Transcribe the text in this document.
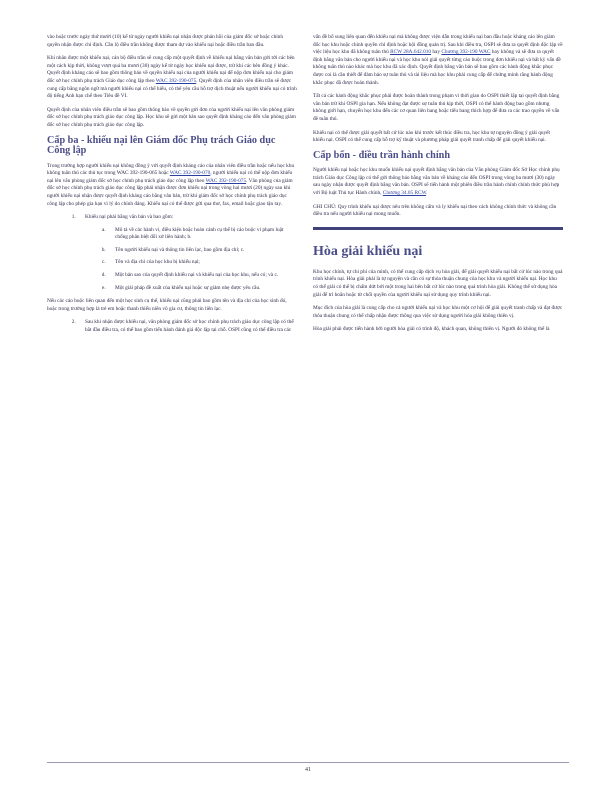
vào hoặc trước ngày thứ mười (10) kể từ ngày người khiếu nại nhận được phản hồi của giám đốc sở hoặc chính quyền nhận được chỉ định. Cần lộ điều trần không được tham dự vào khiếu nại hoặc điều trần ban đầu.

Khi nhân được một khiếu nại, cán bộ điều trần sẽ cung cấp một quyết định về khiếu nại bằng văn bản gửi tới các bên một cách kịp thời, không vượt quá ba mươi (30) ngày kể từ ngày học khiếu nại được, trừ khi các bên đồng ý khác. Quyết định kháng cáo sẽ bao gồm thông báo về quyền khiếu nại của người khiếu nại để nộp đơn khiếu nại cho giám đốc sở học chính phụ trách Giáo dục công lập theo WAC 392-190-075. Quyết định của nhân viên điều trần sẽ được cung cấp bằng ngôn ngữ mà người khiếu nại có thể hiểu, có thể yêu cầu hỗ trợ dịch thuật nếu người khiếu nại có trình độ tiếng Anh hạn chế theo Tiêu đề VI.

Quyết định của nhân viên điều trần sẽ bao gồm thông báo về quyền gửi đơn của người khiếu nại lên văn phòng giám đốc sở học chính phụ trách giáo dục công lập. Học khu sẽ gửi một bản sao quyết định kháng cáo đến văn phòng giám đốc sở học chính phụ trách giáo dục công lập.

Cấp ba - khiếu nại lên Giám đốc Phụ trách Giáo dục Công lập

Trong trường hợp người khiếu nại không đồng ý với quyết định kháng cáo của nhân viên điều trần hoặc nếu học khu không tuân thủ các thủ tục trong WAC 392-190-065 hoặc WAC 392-190-070, người khiếu nại có thể nộp đơn khiếu nại lên văn phòng giám đốc sở học chính phụ trách giáo dục công lập theo WAC 392-190-075. Văn phòng của giám đốc sở học chính phụ trách giáo dục công lập phải nhận được đơn khiếu nại trong vòng hai mươi (20) ngày sau khi người khiếu nại nhận được quyết định kháng cáo bằng văn bản, trừ khi giám đốc sở học chính phụ trách giáo dục công lập cho phép gia hạn vì lý do chính đáng. Khiếu nại có thể được gửi qua thư, fax, email hoặc giao tận tay.

1. Khiếu nại phải bằng văn bản và bao gồm:
a. Mô tả về các hành vi, điều kiện hoặc hoàn cảnh cụ thể bị cáo buộc vi phạm luật chống phân biệt đối xử liên hành; b.
b. Tên người khiếu nại và thông tin liên lạc, bao gồm địa chỉ; c.
c. Tên và địa chỉ của học khu bị khiếu nại;
d. Một bản sao của quyết định khiếu nại và khiếu nại của học khu, nếu có; và c.
e. Một giải pháp đề xuất của khiếu nại hoặc sự giảm nhẹ được yêu cầu.

Nếu các cáo buộc liên quan đến một học sinh cụ thể, khiếu nại cũng phải bao gồm tên và địa chỉ của học sinh đó, hoặc trong trường hợp là trẻ em hoặc thanh thiếu niên vô gia cư, thông tin liên lạc.

2. Sau khi nhận được khiếu nại, văn phòng giám đốc sở học chính phụ trách giáo dục công lập có thể bắt đầu điều tra, có thể bao gồm tiến hành đánh giá độc lập tại chỗ. OSPI cũng có thể điều tra các

vấn đề bổ sung liên quan đến khiếu nại mà không được viện dẫn trong khiếu nại ban đầu hoặc kháng cáo lên giám đốc học khu hoặc chính quyền chỉ định hoặc hội đồng quản trị. Sau khi điều tra, OSPI sẽ đưa ra quyết định độc lập về việc liệu học khu đã không tuân thủ RCW 28A.642.010 hay Chương 392-190 WAC hay không và sẽ đưa ra quyết định bằng văn bản cho người khiếu nại và học khu nói giải quyết từng cáo buộc trong đơn khiếu nại và bất kỳ vấn đề không tuân thủ nào khác mà học khu đã xác định. Quyết định bằng văn bản sẽ bao gồm các hành động khắc phục được coi là cần thiết để đảm bảo sự tuân thủ và tài liệu mà học khu phải cung cấp để chứng minh rằng hành động khắc phục đã được hoàn thành.

Tất cả các hành động khắc phục phải được hoàn thành trong phạm vi thời gian do OSPI thiết lập tại quyết định bằng văn bản trừ khi OSPI gia hạn. Nếu không đạt được sự tuân thủ kịp thời, OSPI có thể hành động bao gồm nhưng không giới hạn, chuyển học khu đến các cơ quan liên bang hoặc tiểu bang thích hợp để đưa ra các trao quyền về vấn đề tuân thủ.

Khiếu nại có thể được giải quyết bất cứ lúc nào khi trước kết thúc điều tra, học khu tự nguyện đồng ý giải quyết khiếu nại. OSPI có thể cung cấp hỗ trợ kỹ thuật và phương pháp giải quyết tranh chấp để giải quyết khiếu nại.

Cấp bốn - điều trần hành chính

Người khiếu nại hoặc học khu muốn khiếu nại quyết định bằng văn bản của Văn phòng Giám đốc Sở Học chính phụ trách Giáo dục Công lập có thể gửi thông báo bằng văn bản về kháng cáo đến OSPI trong vòng ba mươi (30) ngày sau ngày nhận được quyết định bằng văn bản. OSPI sẽ tiến hành một phiên điều trần hành chính chính thức phù hợp với Bộ luật Thủ tục Hành chính, Chương 34.05 RCW.

GHI CHÚ: Quy trình khiếu nại được nêu trên không cấm và ly khiếu nại theo cách không chính thức và không cần điều tra nếu người khiếu nại mong muốn.

Hòa giải khiếu nại

Khu học chính, tự chi phí của mình, có thể cung cấp dịch vụ hòa giải, để giải quyết khiếu nại bất cứ lúc nào trong quá trình khiếu nại. Hòa giải phải là tự nguyện và cần có sự thỏa thuận chung của học khu và người khiếu nại. Học khu có thể giải có thể bị chấm dứt bởi một trong hai bên bất cứ lúc nào trong quá trình hòa giải. Không thể sử dụng hòa giải để trì hoãn hoặc từ chối quyền của người khiếu nại sử dụng quy trình khiếu nại.

Mục đích của hòa giải là cung cấp cho cả người khiếu nại và học khu một cơ hội để giải quyết tranh chấp và đạt được thỏa thuận chung có thể chấp nhận được thông qua việc sử dụng người hòa giải không thiên vị.

Hòa giải phải được tiến hành bởi người hòa giải có trình độ, khách quan, không thiên vị. Người đó không thể là

41
